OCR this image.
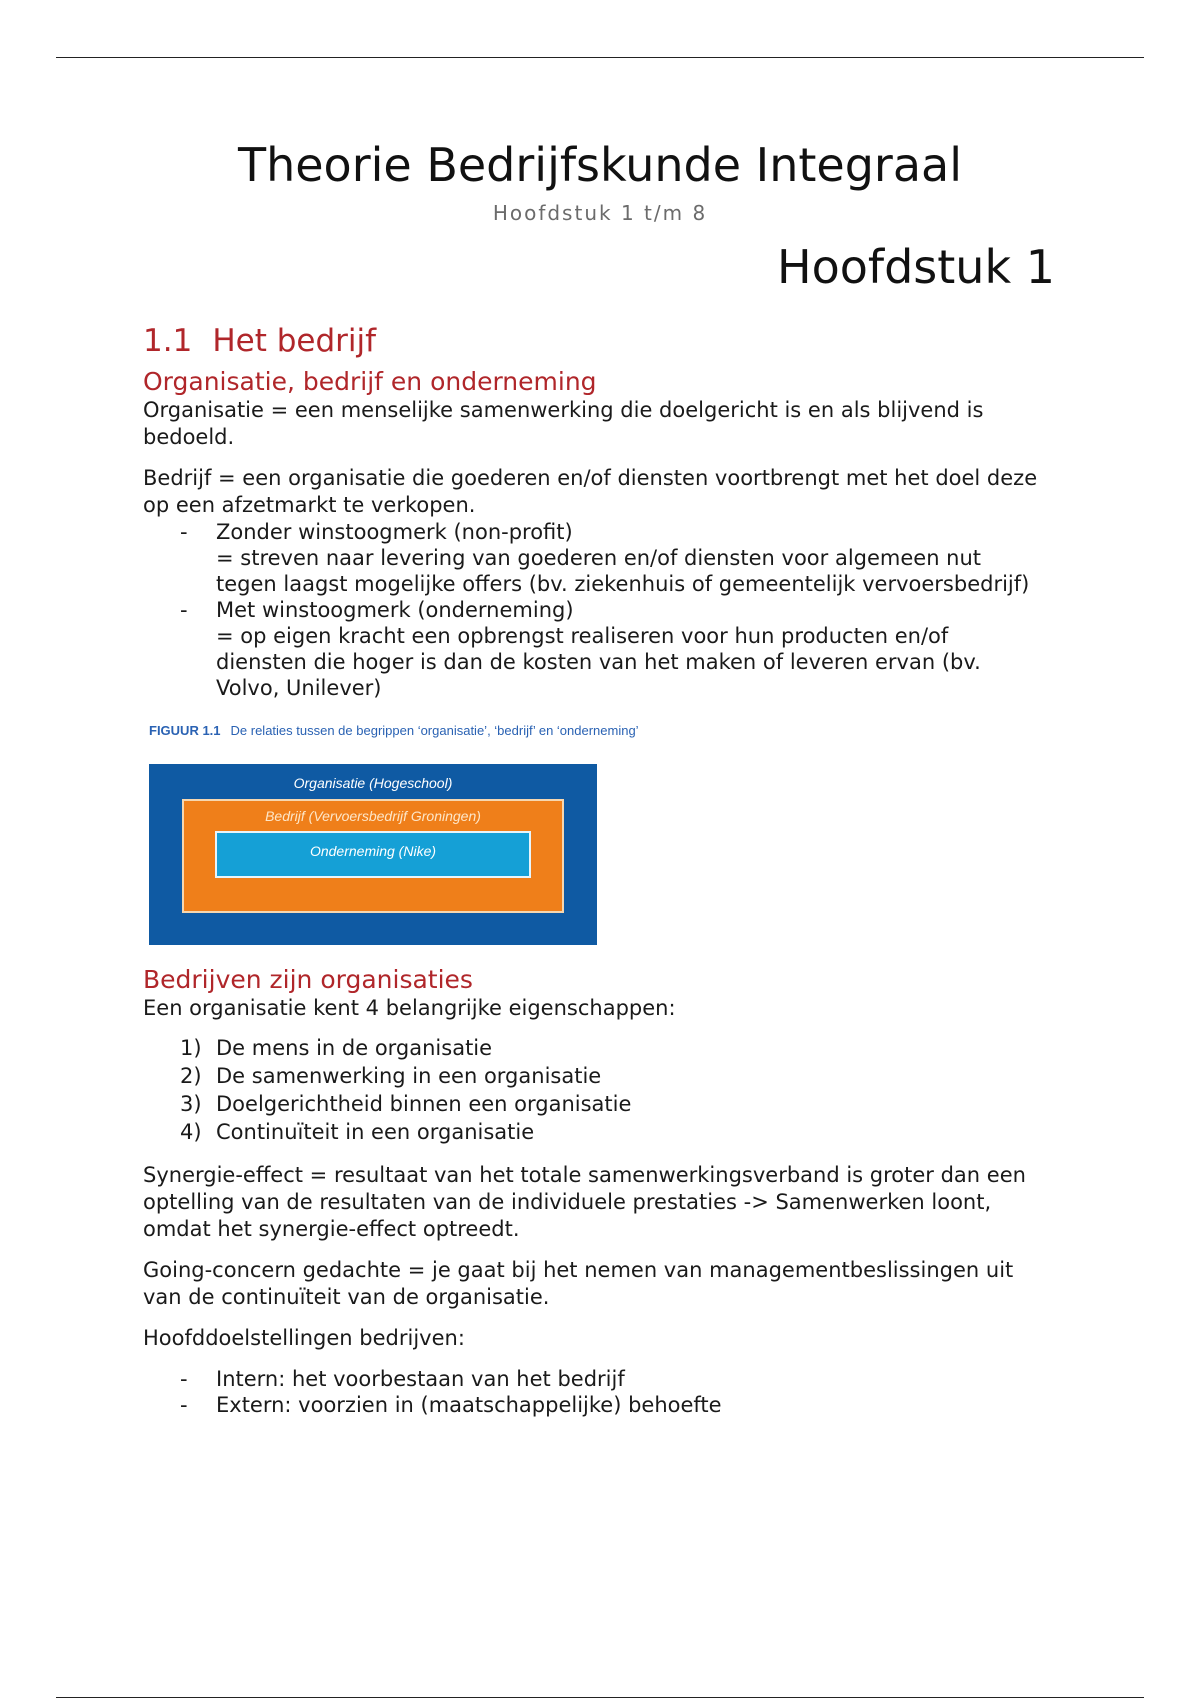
Theorie Bedrijfskunde Integraal
Hoofdstuk 1 t/m 8
Hoofdstuk 1
1.1 Het bedrijf
Organisatie, bedrijf en onderneming

Organisatie = een menselijke samenwerking die doelgericht is en als blijvend is bedoeld.

Bedrijf = een organisatie die goederen en/of diensten voortbrengt met het doel deze op een afzetmarkt te verkopen.

- Zonder winstoogmerk (non-profit)
= streven naar levering van goederen en/of diensten voor algemeen nut tegen laagst mogelijke offers (bv. ziekenhuis of gemeentelijk vervoersbedrijf)
- Met winstoogmerk (onderneming)
= op eigen kracht een opbrengst realiseren voor hun producten en/of diensten die hoger is dan de kosten van het maken of leveren ervan (bv. Volvo, Unilever)
FIGUUR 1.1 De relaties tussen de begrippen ‘organisatie’, ‘bedrijf’ en ‘onderneming’
Organisatie (Hogeschool)
Bedrijf (Vervoersbedrijf Groningen)
Onderneming (Nike)
Bedrijven zijn organisaties

Een organisatie kent 4 belangrijke eigenschappen:

1) De mens in de organisatie
2) De samenwerking in een organisatie
3) Doelgerichtheid binnen een organisatie
4) Continuïteit in een organisatie

Synergie-effect = resultaat van het totale samenwerkingsverband is groter dan een optelling van de resultaten van de individuele prestaties -> Samenwerken loont, omdat het synergie-effect optreedt.

Going-concern gedachte = je gaat bij het nemen van managementbeslissingen uit van de continuïteit van de organisatie.

Hoofddoelstellingen bedrijven:

- Intern: het voorbestaan van het bedrijf
- Extern: voorzien in (maatschappelijke) behoefte
